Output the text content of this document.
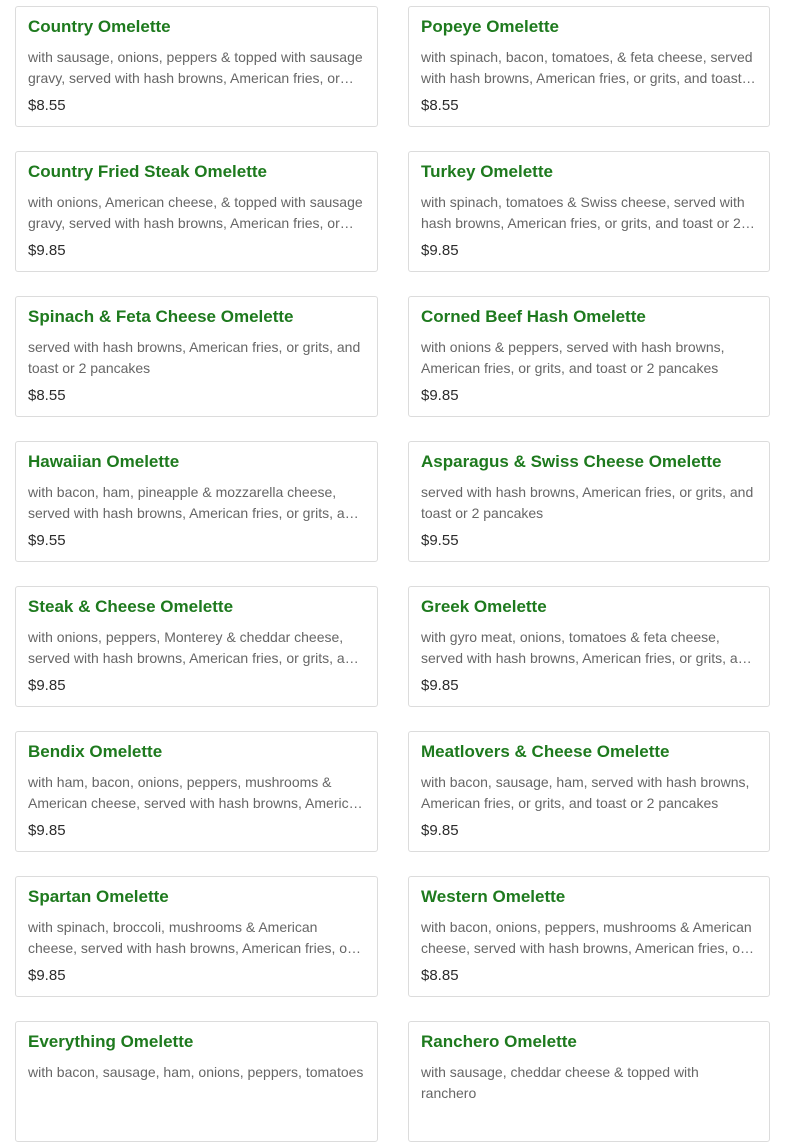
Country Omelette
with sausage, onions, peppers & topped with sausage gravy, served with hash browns, American fries, or
$8.55
Popeye Omelette
with spinach, bacon, tomatoes, & feta cheese, served with hash browns, American fries, or grits, and toast
$8.55
Country Fried Steak Omelette
with onions, American cheese, & topped with sausage gravy, served with hash browns, American fries, or
$9.85
Turkey Omelette
with spinach, tomatoes & Swiss cheese, served with hash browns, American fries, or grits, and toast or 2
$9.85
Spinach & Feta Cheese Omelette
served with hash browns, American fries, or grits, and toast or 2 pancakes
$8.55
Corned Beef Hash Omelette
with onions & peppers, served with hash browns, American fries, or grits, and toast or 2 pancakes
$9.85
Hawaiian Omelette
with bacon, ham, pineapple & mozzarella cheese, served with hash browns, American fries, or grits, and
$9.55
Asparagus & Swiss Cheese Omelette
served with hash browns, American fries, or grits, and toast or 2 pancakes
$9.55
Steak & Cheese Omelette
with onions, peppers, Monterey & cheddar cheese, served with hash browns, American fries, or grits, and
$9.85
Greek Omelette
with gyro meat, onions, tomatoes & feta cheese, served with hash browns, American fries, or grits, and
$9.85
Bendix Omelette
with ham, bacon, onions, peppers, mushrooms & American cheese, served with hash browns, American
$9.85
Meatlovers & Cheese Omelette
with bacon, sausage, ham, served with hash browns, American fries, or grits, and toast or 2 pancakes
$9.85
Spartan Omelette
with spinach, broccoli, mushrooms & American cheese, served with hash browns, American fries, or
$9.85
Western Omelette
with bacon, onions, peppers, mushrooms & American cheese, served with hash browns, American fries, or
$8.85
Everything Omelette
with bacon, sausage, ham, onions, peppers, tomatoes
Ranchero Omelette
with sausage, cheddar cheese & topped with ranchero
